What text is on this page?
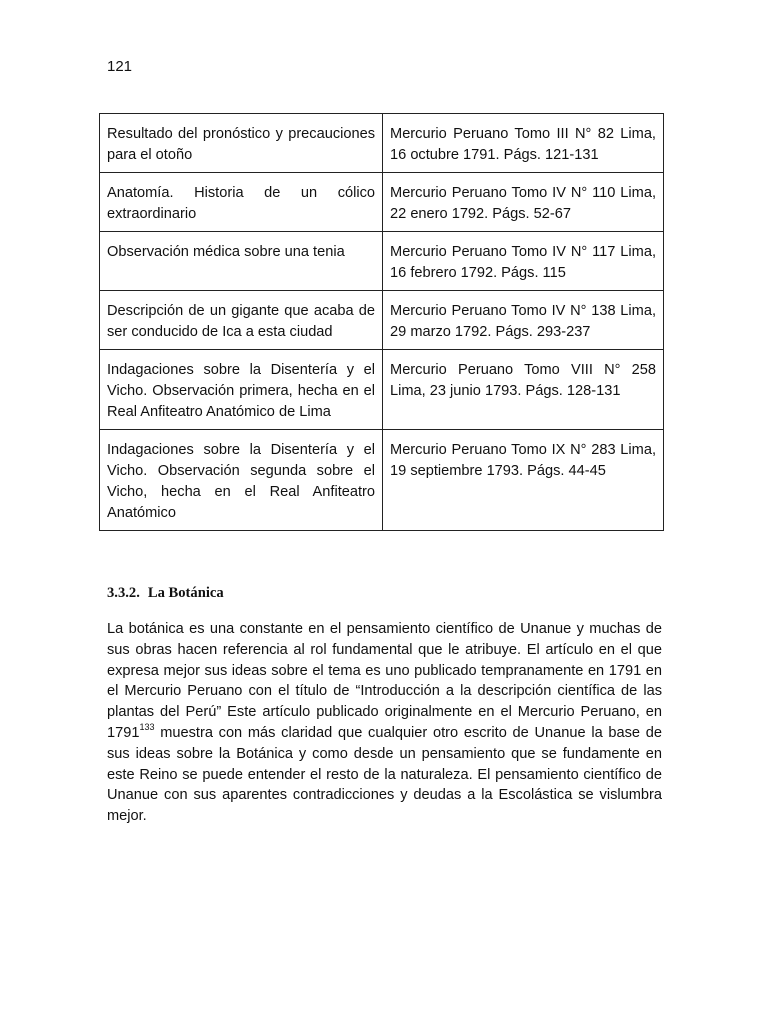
121
Resultado del pronóstico y precauciones para el otoño	Mercurio Peruano Tomo III N° 82 Lima, 16 octubre 1791. Págs. 121-131
Anatomía. Historia de un cólico extraordinario	Mercurio Peruano Tomo IV N° 110 Lima, 22 enero 1792. Págs. 52-67
Observación médica sobre una tenia	Mercurio Peruano Tomo IV N° 117 Lima, 16 febrero 1792. Págs. 115
Descripción de un gigante que acaba de ser conducido de Ica a esta ciudad	Mercurio Peruano Tomo IV N° 138 Lima, 29 marzo 1792. Págs. 293-237
Indagaciones sobre la Disentería y el Vicho. Observación primera, hecha en el Real Anfiteatro Anatómico de Lima	Mercurio Peruano Tomo VIII N° 258 Lima, 23 junio 1793. Págs. 128-131
Indagaciones sobre la Disentería y el Vicho. Observación segunda sobre el Vicho, hecha en el Real Anfiteatro Anatómico	Mercurio Peruano Tomo IX N° 283 Lima, 19 septiembre 1793. Págs. 44-45
3.3.2. La Botánica

La botánica es una constante en el pensamiento científico de Unanue y muchas de sus obras hacen referencia al rol fundamental que le atribuye. El artículo en el que expresa mejor sus ideas sobre el tema es uno publicado tempranamente en 1791 en el Mercurio Peruano con el título de “Introducción a la descripción científica de las plantas del Perú” Este artículo publicado originalmente en el Mercurio Peruano, en 1791$^{133}$ muestra con más claridad que cualquier otro escrito de Unanue la base de sus ideas sobre la Botánica y como desde un pensamiento que se fundamente en este Reino se puede entender el resto de la naturaleza. El pensamiento científico de Unanue con sus aparentes contradicciones y deudas a la Escolástica se vislumbra mejor.
